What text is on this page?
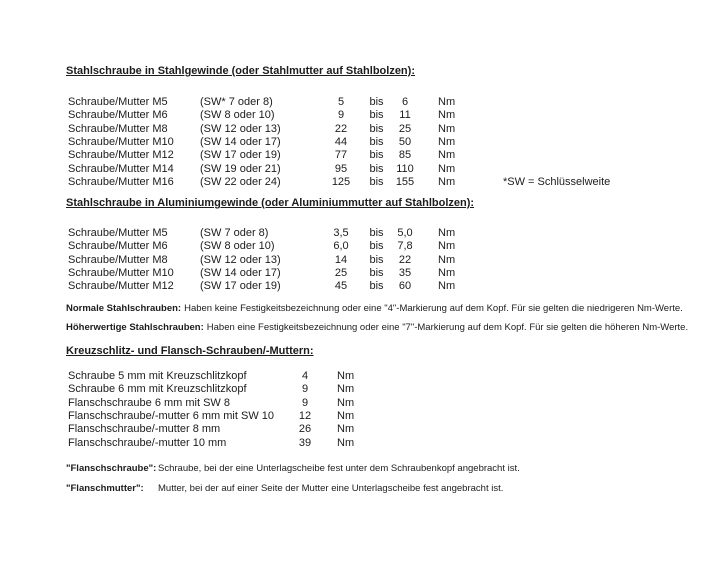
Stahlschraube in Stahlgewinde (oder Stahlmutter auf Stahlbolzen):
Schraube/Mutter M5	(SW* 7 oder 8)	5	bis	6	Nm
Schraube/Mutter M6	(SW 8 oder 10)	9	bis	11	Nm
Schraube/Mutter M8	(SW 12 oder 13)	22	bis	25	Nm
Schraube/Mutter M10	(SW 14 oder 17)	44	bis	50	Nm
Schraube/Mutter M12	(SW 17 oder 19)	77	bis	85	Nm
Schraube/Mutter M14	(SW 19 oder 21)	95	bis	110	Nm
Schraube/Mutter M16	(SW 22 oder 24)	125	bis	155	Nm	*SW = Schlüsselweite
Stahlschraube in Aluminiumgewinde (oder Aluminiummutter auf Stahlbolzen):
Schraube/Mutter M5	(SW 7 oder 8)	3,5	bis	5,0	Nm
Schraube/Mutter M6	(SW 8 oder 10)	6,0	bis	7,8	Nm
Schraube/Mutter M8	(SW 12 oder 13)	14	bis	22	Nm
Schraube/Mutter M10	(SW 14 oder 17)	25	bis	35	Nm
Schraube/Mutter M12	(SW 17 oder 19)	45	bis	60	Nm
Normale Stahlschrauben: Haben keine Festigkeitsbezeichnung oder eine "4"-Markierung auf dem Kopf. Für sie gelten die niedrigeren Nm-Werte.
Höherwertige Stahlschrauben: Haben eine Festigkeitsbezeichnung oder eine "7"-Markierung auf dem Kopf. Für sie gelten die höheren Nm-Werte.
Kreuzschlitz- und Flansch-Schrauben/-Muttern:
Schraube 5 mm mit Kreuzschlitzkopf	4	Nm
Schraube 6 mm mit Kreuzschlitzkopf	9	Nm
Flanschschraube 6 mm mit SW 8	9	Nm
Flanschschraube/-mutter 6 mm mit SW 10	12	Nm
Flanschschraube/-mutter 8 mm	26	Nm
Flanschschraube/-mutter 10 mm	39	Nm
"Flanschschraube": Schraube, bei der eine Unterlagscheibe fest unter dem Schraubenkopf angebracht ist.
"Flanschmutter":	Mutter, bei der auf einer Seite der Mutter eine Unterlagscheibe fest angebracht ist.
